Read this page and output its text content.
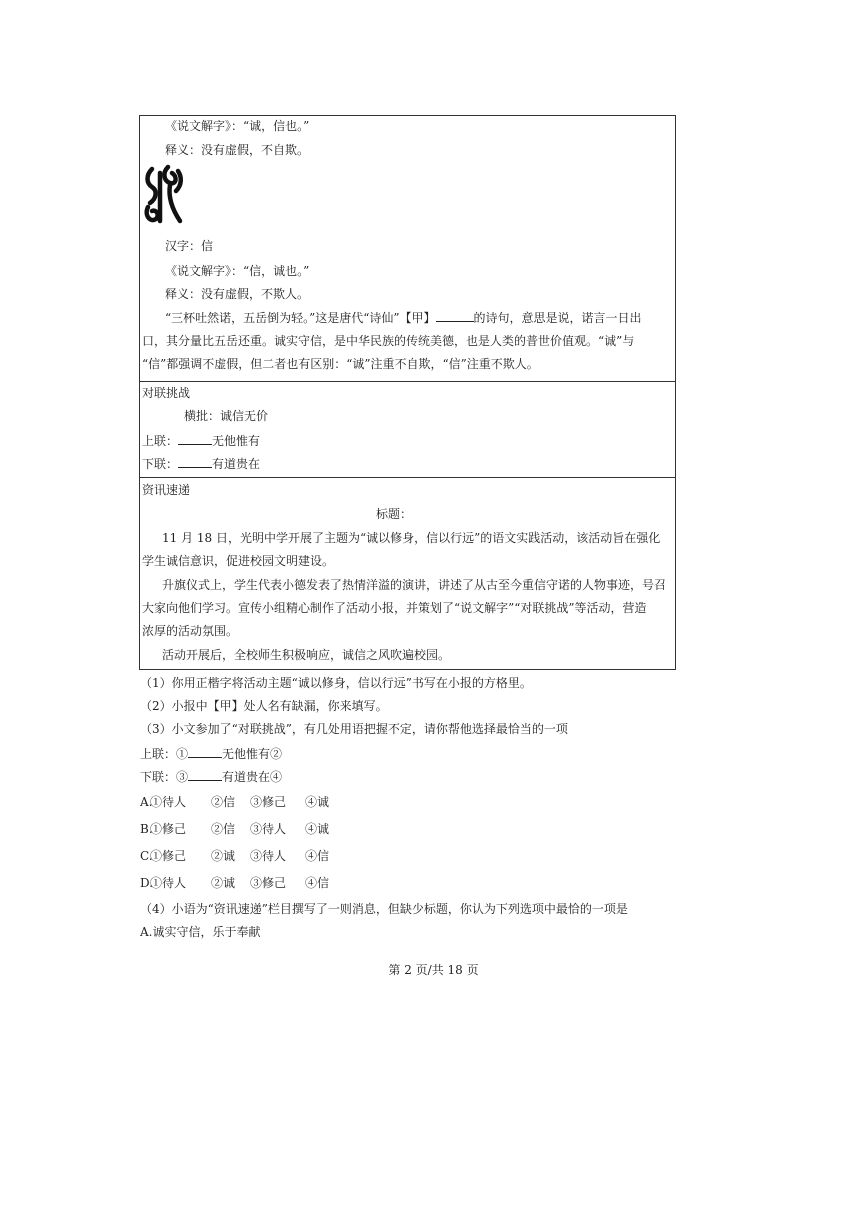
《说文解字》：“诚，信也。”
释义：没有虚假，不自欺。
汉字：信
《说文解字》：“信，诚也。”
释义：没有虚假，不欺人。
“三杯吐然诺，五岳倒为轻。”这是唐代“诗仙”【甲】	的诗句，意思是说，诺言一日出
口，其分量比五岳还重。诚实守信，是中华民族的传统美德，也是人类的普世价值观。“诚”与
“信”都强调不虚假，但二者也有区别：“诚”注重不自欺，“信”注重不欺人。
对联挑战
横批：诚信无价
上联：	无他惟有
下联：	有道贵在
资讯速递
标题：
11 月 18 日，光明中学开展了主题为“诚以修身，信以行远”的语文实践活动，该活动旨在强化
学生诚信意识，促进校园文明建设。
升旗仪式上，学生代表小德发表了热情洋溢的演讲，讲述了从古至今重信守诺的人物事迹，号召
大家向他们学习。宣传小组精心制作了活动小报，并策划了“说文解字”“对联挑战”等活动，营造
浓厚的活动氛围。
活动开展后，全校师生积极响应，诚信之风吹遍校园。
（1）你用正楷字将活动主题“诚以修身，信以行远”书写在小报的方格里。
（2）小报中【甲】处人名有缺漏，你来填写。
（3）小文参加了“对联挑战”，有几处用语把握不定，请你帮他选择最恰当的一项
上联：①	无他惟有②
下联：③	有道贵在④
A.①待人 ②信 ③修己 ④诚
B.①修己 ②信 ③待人 ④诚
C.①修己 ②诚 ③待人 ④信
D.①待人 ②诚 ③修己 ④信
（4）小语为“资讯速递”栏目撰写了一则消息，但缺少标题，你认为下列选项中最恰的一项是
A.诚实守信，乐于奉献
第 2 页/共 18 页
